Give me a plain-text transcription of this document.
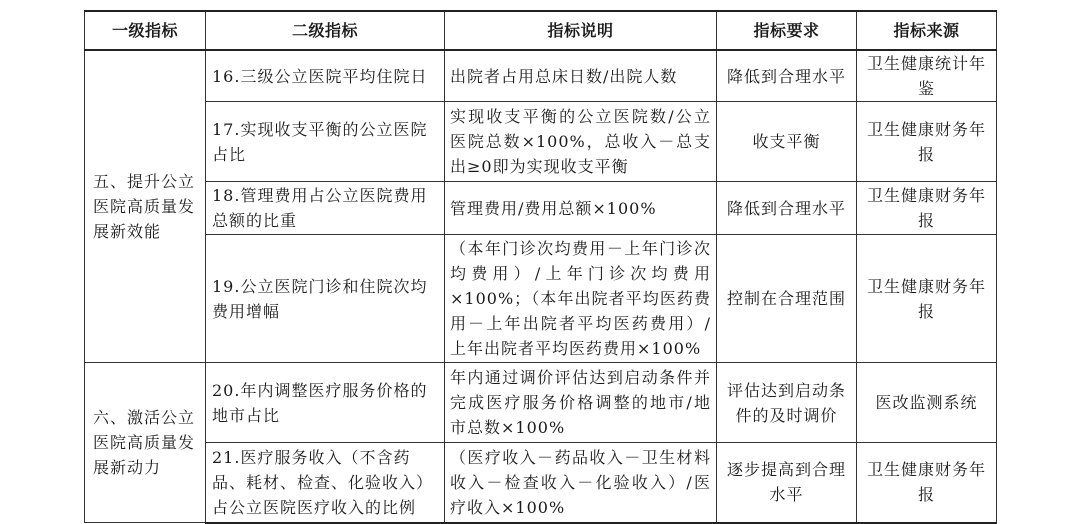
一级指标	二级指标	指标说明	指标要求	指标来源

五、提升公立医院高质量发展新效能	16.三级公立医院平均住院日	出院者占用总床日数/出院人数	降低到合理水平	卫生健康统计年鉴
	17.实现收支平衡的公立医院占比	实现收支平衡的公立医院数/公立医院总数×100%，总收入－总支出≥0即为实现收支平衡	收支平衡	卫生健康财务年报
	18.管理费用占公立医院费用总额的比重	管理费用/费用总额×100%	降低到合理水平	卫生健康财务年报
	19.公立医院门诊和住院次均费用增幅	（本年门诊次均费用－上年门诊次均费用）/上年门诊次均费用×100%；（本年出院者平均医药费用－上年出院者平均医药费用）/上年出院者平均医药费用×100%	控制在合理范围	卫生健康财务年报

六、激活公立医院高质量发展新动力	20.年内调整医疗服务价格的地市占比	年内通过调价评估达到启动条件并完成医疗服务价格调整的地市/地市总数×100%	评估达到启动条件的及时调价	医改监测系统
	21.医疗服务收入（不含药品、耗材、检查、化验收入）占公立医院医疗收入的比例	（医疗收入－药品收入－卫生材料收入－检查收入－化验收入）/医疗收入×100%	逐步提高到合理水平	卫生健康财务年报
